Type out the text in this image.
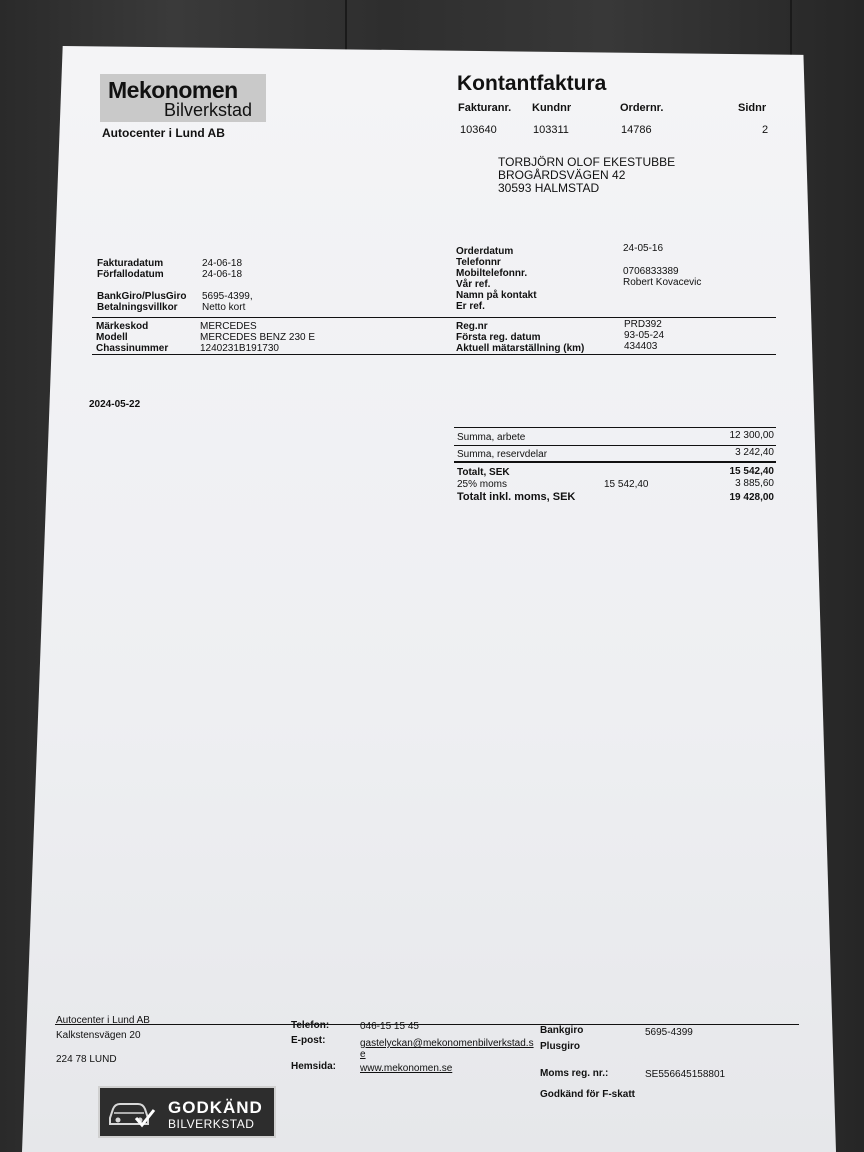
Mekonomen
Bilverkstad
Autocenter i Lund AB
Kontantfaktura
Fakturanr. Kundnr	Ordernr.	Sidnr
103640	103311	14786	2
TORBJÖRN OLOF EKESTUBBE
BROGÅRDSVÄGEN 42
30593 HALMSTAD
Fakturadatum	24-06-18
Förfallodatum	24-06-18
BankGiro/PlusGiro 5695-4399,
Betalningsvillkor Netto kort
Orderdatum	24-05-16
Telefonnr
Mobiltelefonnr.	0706833389
Vår ref.	Robert Kovacevic
Namn på kontakt
Er ref.
Märkeskod	MERCEDES
Modell	MERCEDES BENZ 230 E
Chassinummer	1240231B191730
Reg.nr	PRD392
Första reg. datum	93-05-24
Aktuell mätarställning (km)	434403
2024-05-22
Summa, arbete	12 300,00
Summa, reservdelar	3 242,40
Totalt, SEK	15 542,40
25% moms	15 542,40	3 885,60
Totalt inkl. moms, SEK	19 428,00
Autocenter i Lund AB
Kalkstensvägen 20
224 78 LUND
Telefon:	046-15 15 45
E-post:	gastelyckan@mekonomenbilverkstad.s
e
Hemsida: www.mekonomen.se
Bankgiro	5695-4399
Plusgiro
Moms reg. nr.:	SE556645158801
Godkänd för F-skatt
GODKÄND
BILVERKSTAD
